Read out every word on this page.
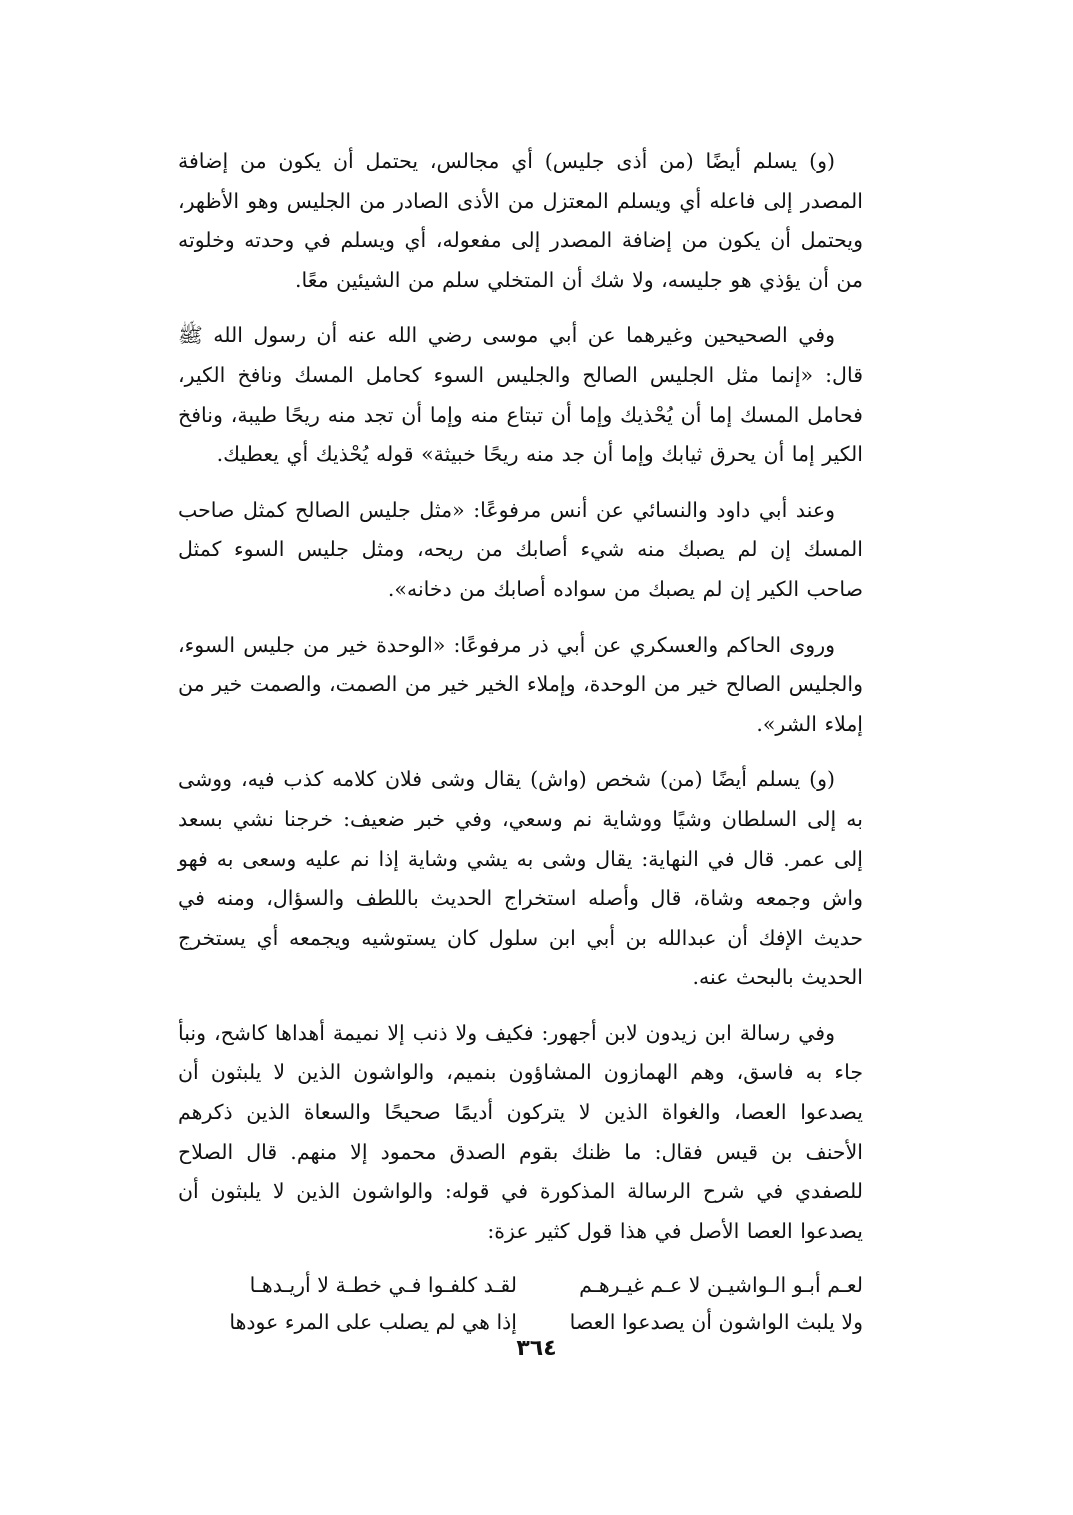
(و) يسلم أيضًا (من أذى جليس) أي مجالس، يحتمل أن يكون من إضافة المصدر إلى فاعله أي ويسلم المعتزل من الأذى الصادر من الجليس وهو الأظهر، ويحتمل أن يكون من إضافة المصدر إلى مفعوله، أي ويسلم في وحدته وخلوته من أن يؤذي هو جليسه، ولا شك أن المتخلي سلم من الشيئين معًا.

وفي الصحيحين وغيرهما عن أبي موسى رضي الله عنه أن رسول الله ﷺ قال: «إنما مثل الجليس الصالح والجليس السوء كحامل المسك ونافخ الكير، فحامل المسك إما أن يُحْذيك وإما أن تبتاع منه وإما أن تجد منه ريحًا طيبة، ونافخ الكير إما أن يحرق ثيابك وإما أن جد منه ريحًا خبيثة» قوله يُحْذيك أي يعطيك.

وعند أبي داود والنسائي عن أنس مرفوعًا: «مثل جليس الصالح كمثل صاحب المسك إن لم يصبك منه شيء أصابك من ريحه، ومثل جليس السوء كمثل صاحب الكير إن لم يصبك من سواده أصابك من دخانه».

وروى الحاكم والعسكري عن أبي ذر مرفوعًا: «الوحدة خير من جليس السوء، والجليس الصالح خير من الوحدة، وإملاء الخير خير من الصمت، والصمت خير من إملاء الشر».

(و) يسلم أيضًا (من) شخص (واش) يقال وشى فلان كلامه كذب فيه، ووشى به إلى السلطان وشيًا ووشاية نم وسعي، وفي خبر ضعيف: خرجنا نشي بسعد إلى عمر. قال في النهاية: يقال وشى به يشي وشاية إذا نم عليه وسعى به فهو واش وجمعه وشاة، قال وأصله استخراج الحديث باللطف والسؤال، ومنه في حديث الإفك أن عبدالله بن أبي ابن سلول كان يستوشيه ويجمعه أي يستخرج الحديث بالبحث عنه.

وفي رسالة ابن زيدون لابن أجهور: فكيف ولا ذنب إلا نميمة أهداها كاشح، ونبأ جاء به فاسق، وهم الهمازون المشاؤون بنميم، والواشون الذين لا يلبثون أن يصدعوا العصا، والغواة الذين لا يتركون أديمًا صحيحًا والسعاة الذين ذكرهم الأحنف بن قيس فقال: ما ظنك بقوم الصدق محمود إلا منهم. قال الصلاح للصفدي في شرح الرسالة المذكورة في قوله: والواشون الذين لا يلبثون أن يصدعوا العصا الأصل في هذا قول كثير عزة:

لعـم أبـو الـواشيـن لا عـم غيـرهـم
لقـد كلفـوا فـي خطـة لا أريـدهـا
ولا يلبث الواشون أن يصدعوا العصا
إذا هي لم يصلب على المرء عودها
٣٦٤
